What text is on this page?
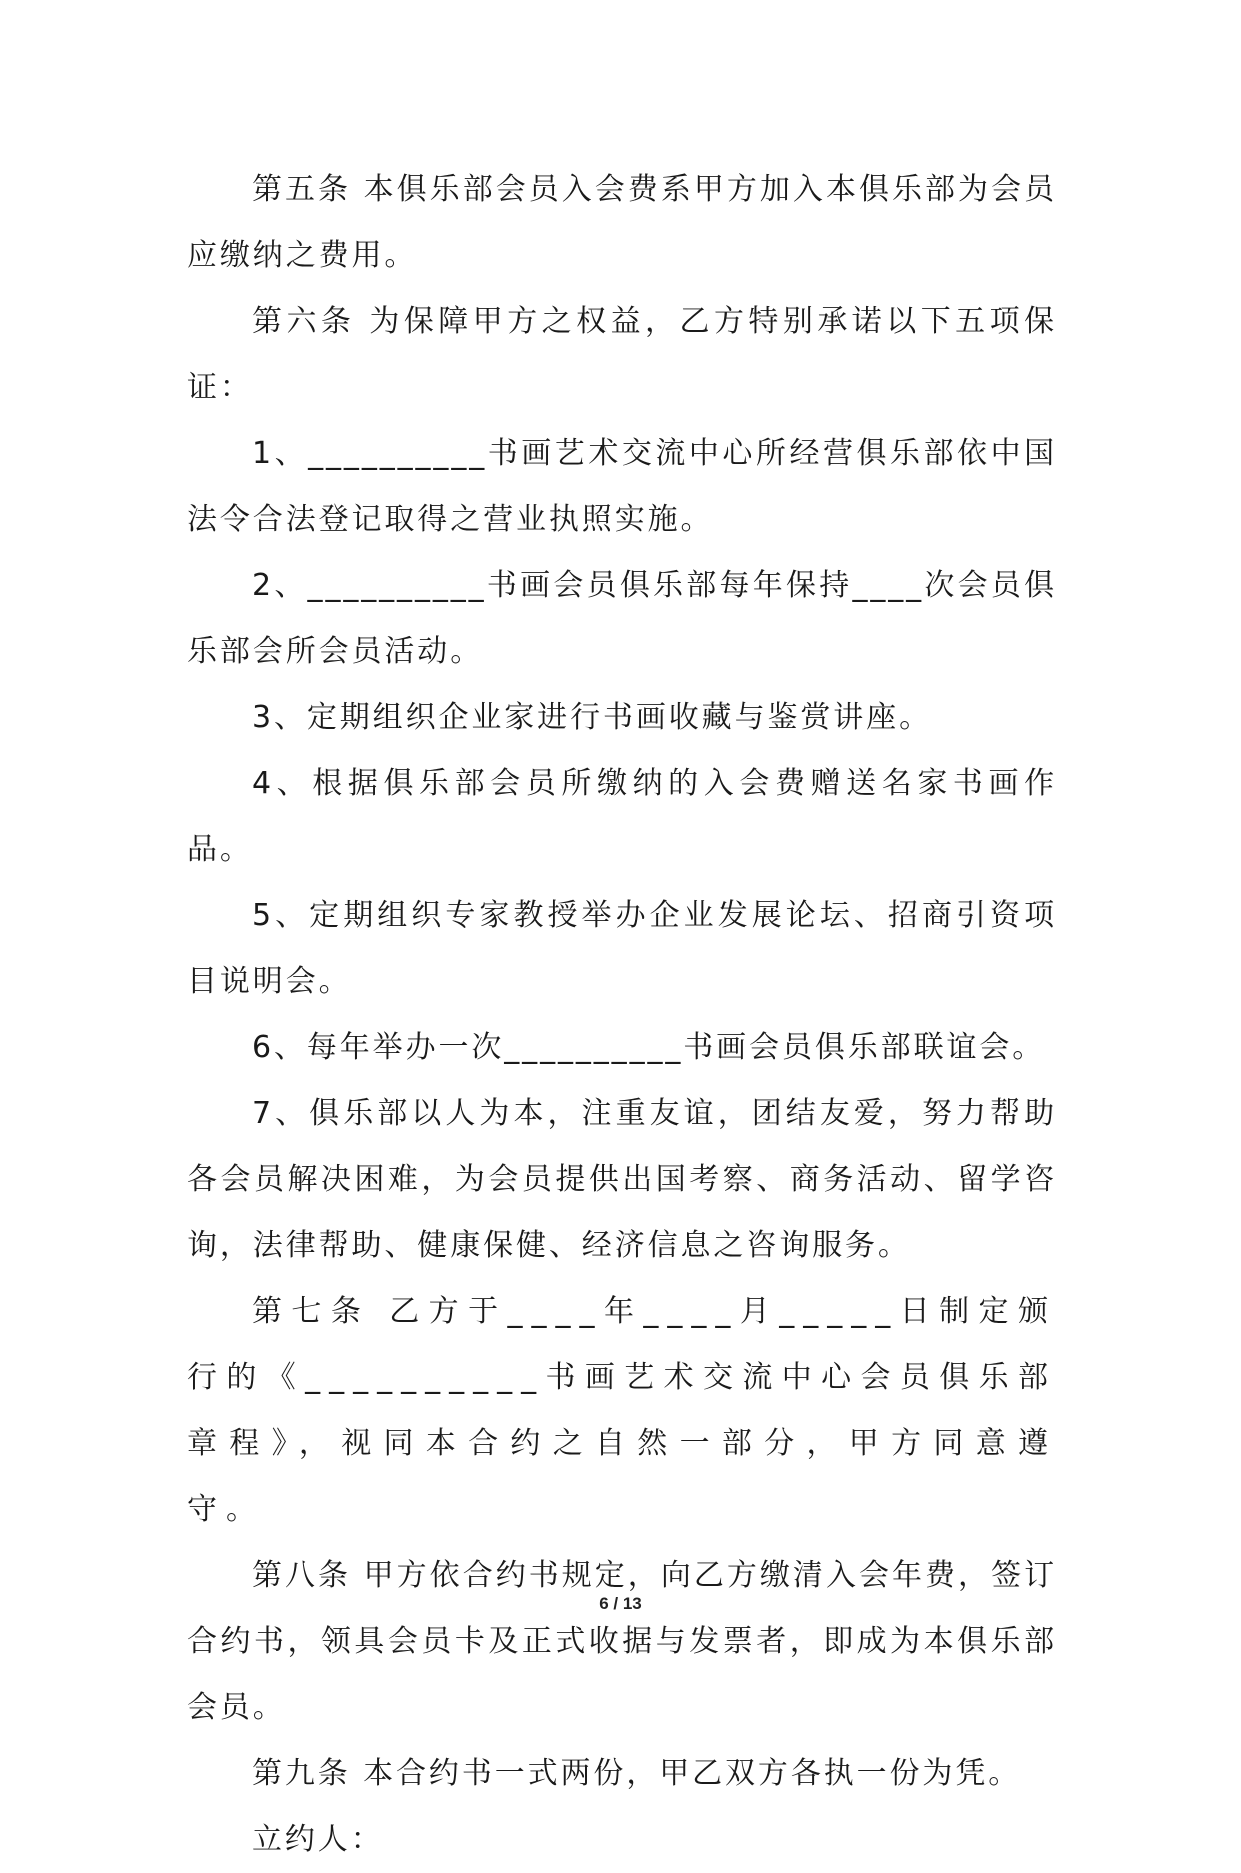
第五条 本俱乐部会员入会费系甲方加入本俱乐部为会员应缴纳之费用。

第六条 为保障甲方之权益，乙方特别承诺以下五项保证：

1、__________书画艺术交流中心所经营俱乐部依中国法令合法登记取得之营业执照实施。

2、__________书画会员俱乐部每年保持____次会员俱乐部会所会员活动。

3、定期组织企业家进行书画收藏与鉴赏讲座。

4、根据俱乐部会员所缴纳的入会费赠送名家书画作品。

5、定期组织专家教授举办企业发展论坛、招商引资项目说明会。

6、每年举办一次__________书画会员俱乐部联谊会。

7、俱乐部以人为本，注重友谊，团结友爱，努力帮助各会员解决困难，为会员提供出国考察、商务活动、留学咨询，法律帮助、健康保健、经济信息之咨询服务。

第七条 乙方于____年____月_____日制定颁行的《__________书画艺术交流中心会员俱乐部章程》，视同本合约之自然一部分，甲方同意遵守。

第八条 甲方依合约书规定，向乙方缴清入会年费，签订合约书，领具会员卡及正式收据与发票者，即成为本俱乐部会员。

第九条 本合约书一式两份，甲乙双方各执一份为凭。

立约人：

6 / 13
